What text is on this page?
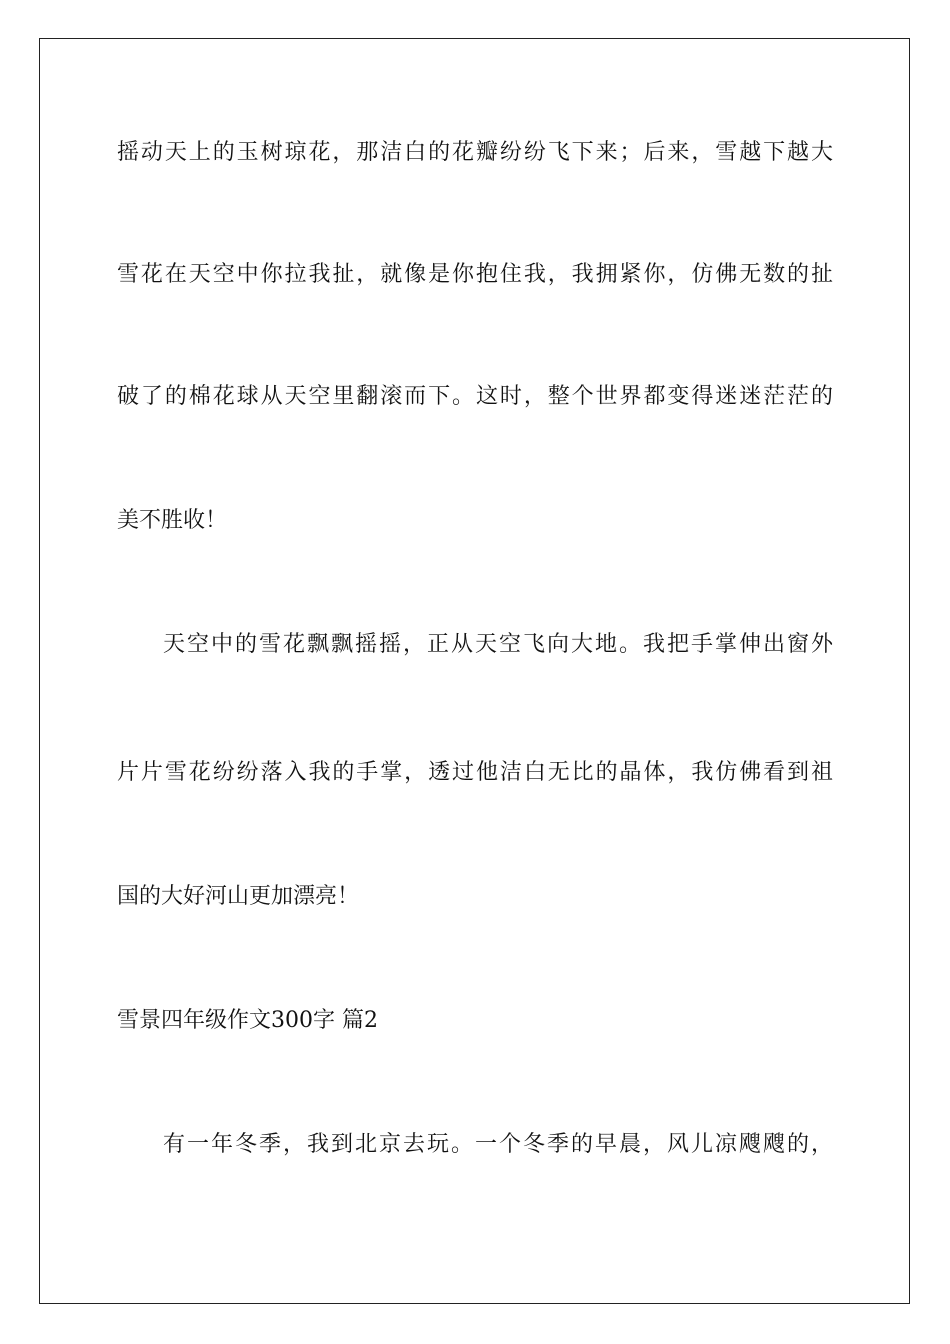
摇动天上的玉树琼花，那洁白的花瓣纷纷飞下来；后来，雪越下越大
雪花在天空中你拉我扯，就像是你抱住我，我拥紧你，仿佛无数的扯
破了的棉花球从天空里翻滚而下。这时，整个世界都变得迷迷茫茫的
美不胜收！
天空中的雪花飘飘摇摇，正从天空飞向大地。我把手掌伸出窗外
片片雪花纷纷落入我的手掌，透过他洁白无比的晶体，我仿佛看到祖
国的大好河山更加漂亮！
雪景四年级作文300字 篇2
有一年冬季，我到北京去玩。一个冬季的早晨，风儿凉飕飕的，
